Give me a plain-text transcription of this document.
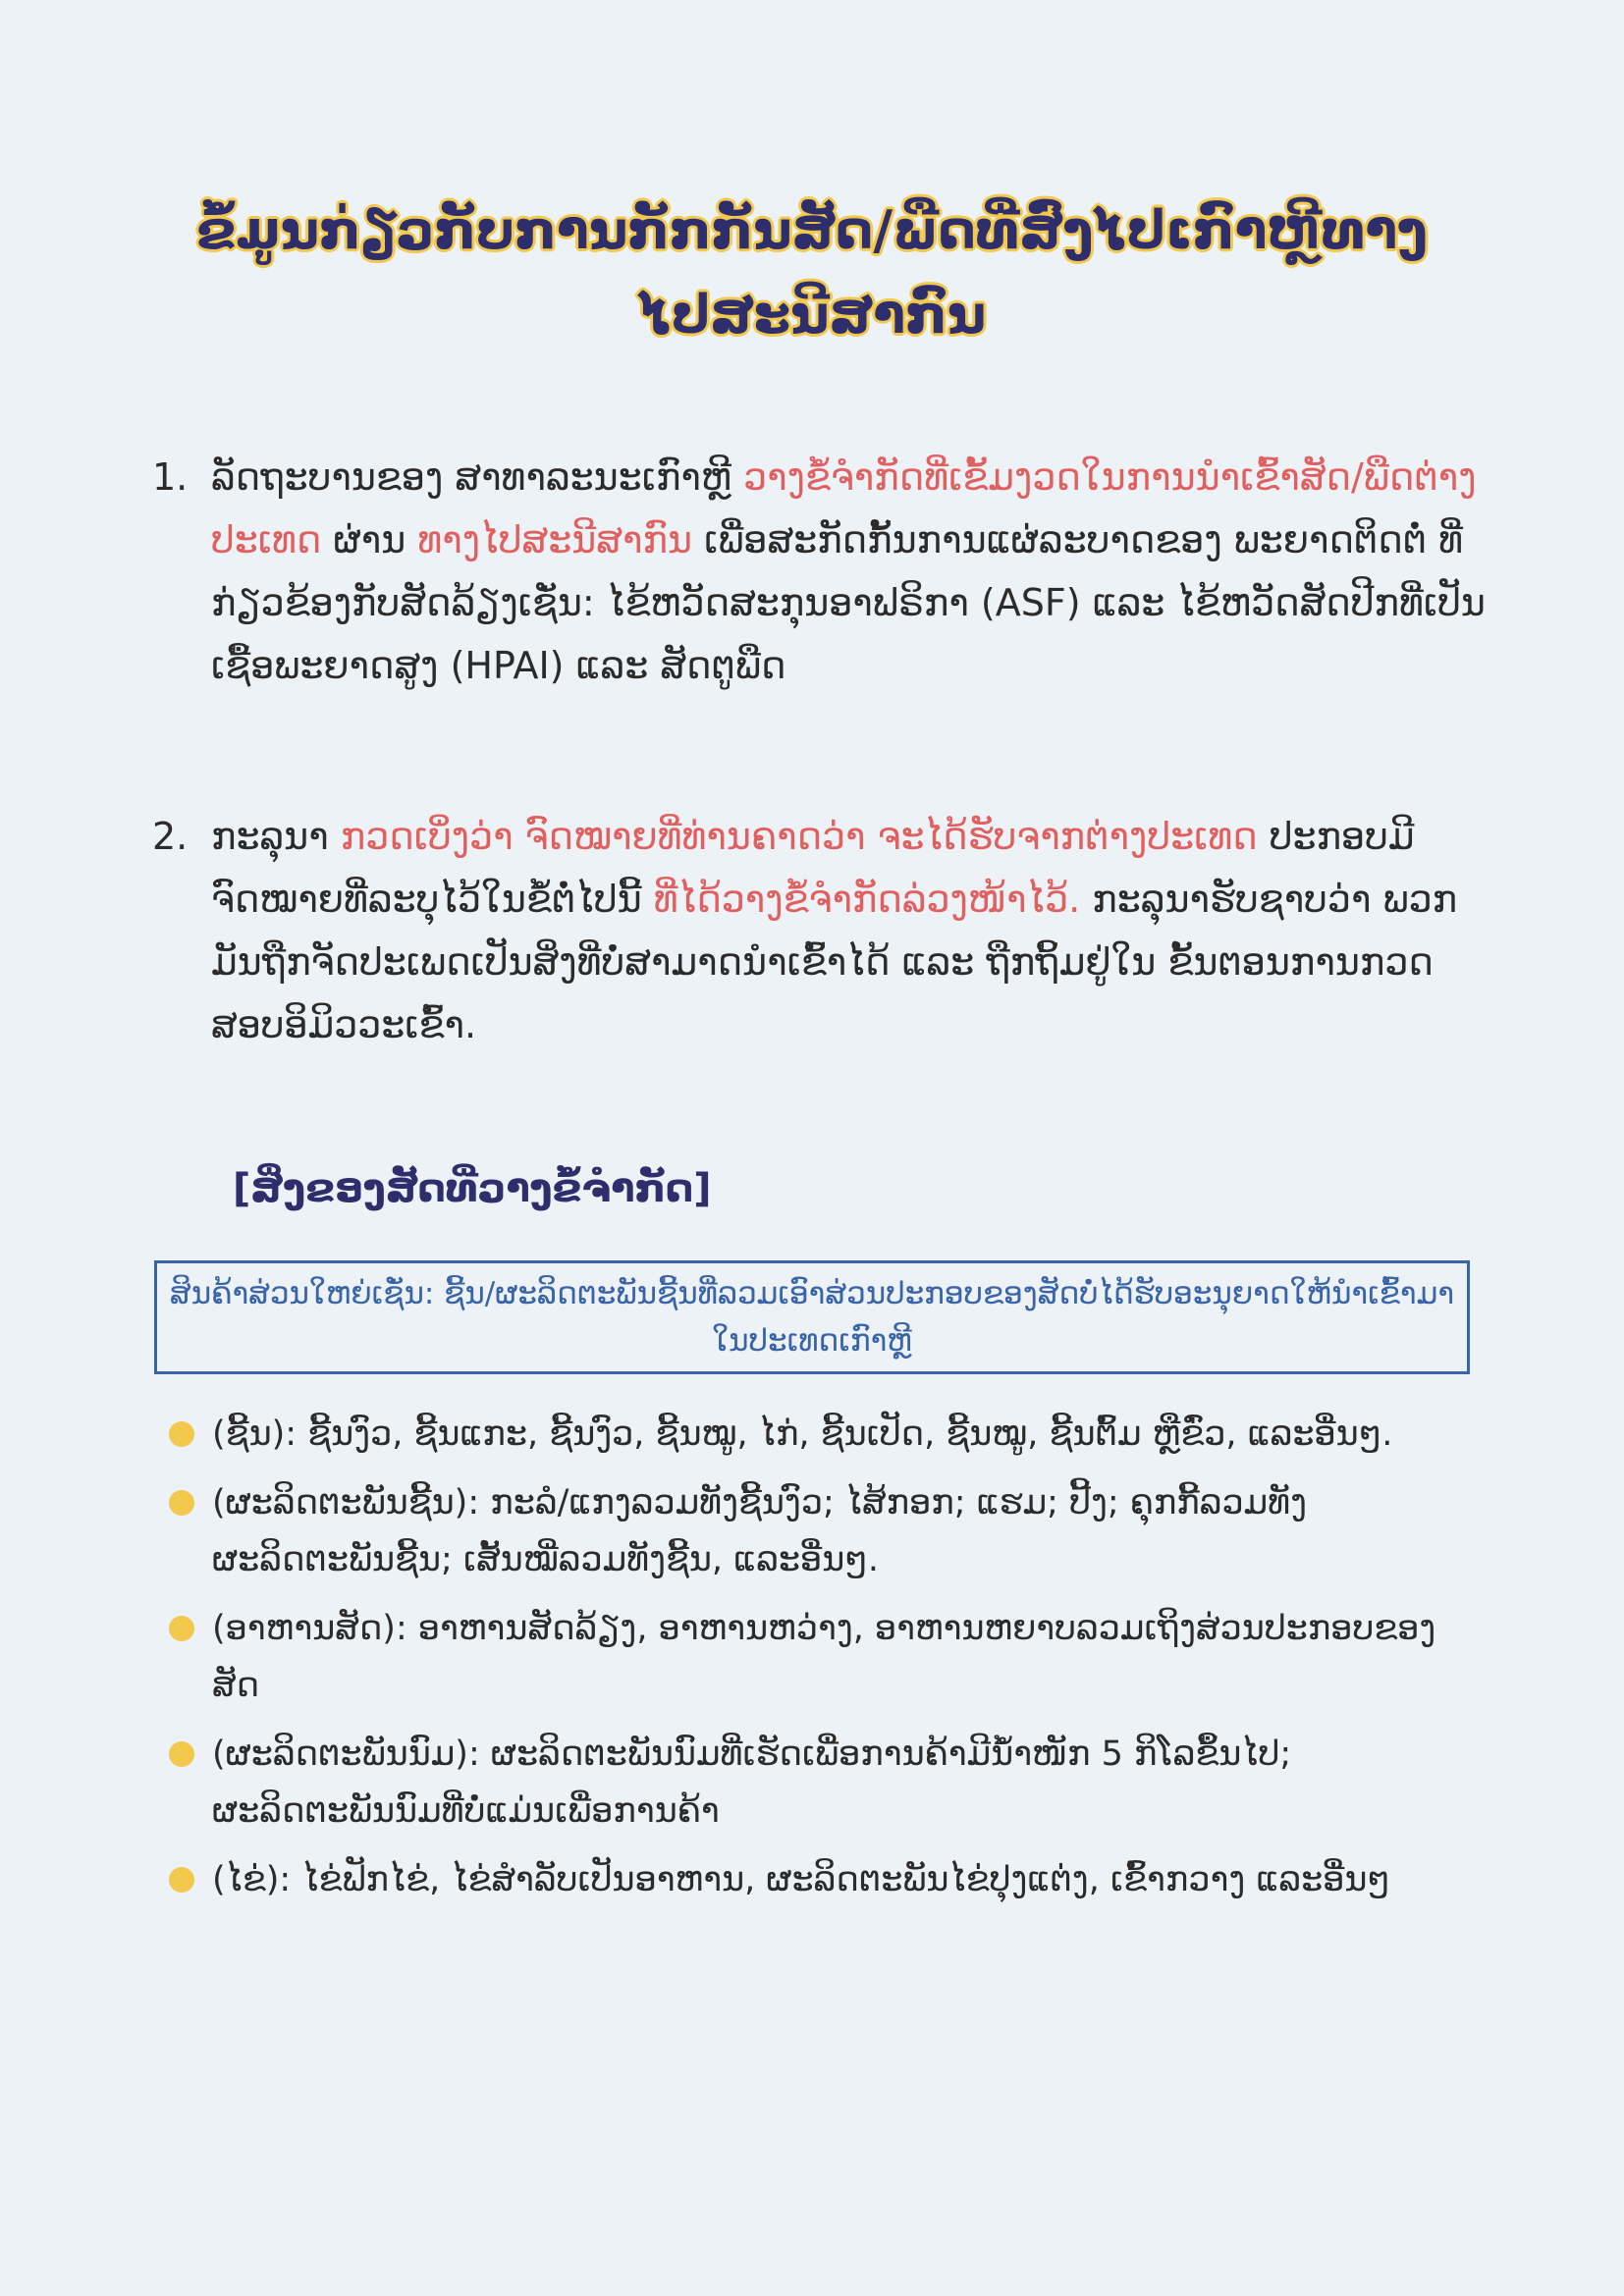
ຂໍ້ມູນກ່ຽວກັບການກັກກັນສັດ/ພືດທີ່ສົ່ງໄປເກົາຫຼີທາງໄປສະນີສາກົນ
1. ລັດຖະບານຂອງ ສາທາລະນະເກົາຫຼີ ວາງຂໍ້ຈຳກັດທີ່ເຂັ້ມງວດໃນການນໍາເຂົ້າສັດ/ພືດຕ່າງປະເທດ ຜ່ານ ທາງໄປສະນີສາກົນ ເພື່ອສະກັດກັ້ນການແຜ່ລະບາດຂອງ ພະຍາດຕິດຕໍ່ ທີ່ກ່ຽວຂ້ອງກັບສັດລ້ຽງເຊັ່ນ: ໄຂ້ຫວັດສະກຸນອາຟຣິກາ (ASF) ແລະ ໄຂ້ຫວັດສັດປີກທີ່ເປັນເຊື້ອພະຍາດສູງ (HPAI) ແລະ ສັດຕູພືດ
2. ກະລຸນາ ກວດເບິ່ງວ່າ ຈົດໝາຍທີ່ທ່ານຄາດວ່າ ຈະໄດ້ຮັບຈາກຕ່າງປະເທດ ປະກອບມີ ຈົດໝາຍທີ່ລະບຸໄວ້ໃນຂໍ້ຕໍ່ໄປນີ້ ທີ່ໄດ້ວາງຂໍ້ຈຳກັດລ່ວງໜ້າໄວ້. ກະລຸນາຮັບຊາບວ່າ ພວກມັນຖືກຈັດປະເພດເປັນສິ່ງທີ່ບໍ່ສາມາດນໍາເຂົ້າໄດ້ ແລະ ຖືກຖິ້ມຢູ່ໃນ ຂັ້ນຕອນການກວດສອບອິມິວວະເຂົ້າ.
[ສິ່ງຂອງສັດທີ່ວາງຂໍ້ຈໍາກັດ]
ສິນຄ້າສ່ວນໃຫຍ່ເຊັ່ນ: ຊີ້ນ/ຜະລິດຕະພັນຊີ້ນທີ່ລວມເອົາສ່ວນປະກອບຂອງສັດບໍ່ໄດ້ຮັບອະນຸຍາດໃຫ້ນໍາເຂົ້າມາໃນປະເທດເກົາຫຼີ
(ຊີ້ນ): ຊີ້ນງົວ, ຊີ້ນແກະ, ຊີ້ນງົວ, ຊີ້ນໝູ, ໄກ່, ຊີ້ນເປັດ, ຊີ້ນໝູ, ຊີ້ນຕົ້ມ ຫຼືຂົ່ວ, ແລະອື່ນໆ.
(ຜະລິດຕະພັນຊີ້ນ): ກະລໍ/ແກງລວມທັງຊີ້ນງົວ; ໄສ້ກອກ; ແຮມ; ປີ້ງ; ຄຸກກີ້ລວມທັງຜະລິດຕະພັນຊີ້ນ; ເສັ້ນໝີ່ລວມທັງຊີ້ນ, ແລະອື່ນໆ.
(ອາຫານສັດ): ອາຫານສັດລ້ຽງ, ອາຫານຫວ່າງ, ອາຫານຫຍາບລວມເຖິງສ່ວນປະກອບຂອງສັດ
(ຜະລິດຕະພັນນົມ): ຜະລິດຕະພັນນົມທີ່ເຮັດເພື່ອການຄ້າມີນໍ້າໜັກ 5 ກິໂລຂຶ້ນໄປ; ຜະລິດຕະພັນນົມທີ່ບໍ່ແມ່ນເພື່ອການຄ້າ
(ໄຂ່): ໄຂ່ຟັກໄຂ່, ໄຂ່ສໍາລັບເປັນອາຫານ, ຜະລິດຕະພັນໄຂ່ປຸງແຕ່ງ, ເຂົ້າກວາງ ແລະອື່ນໆ
